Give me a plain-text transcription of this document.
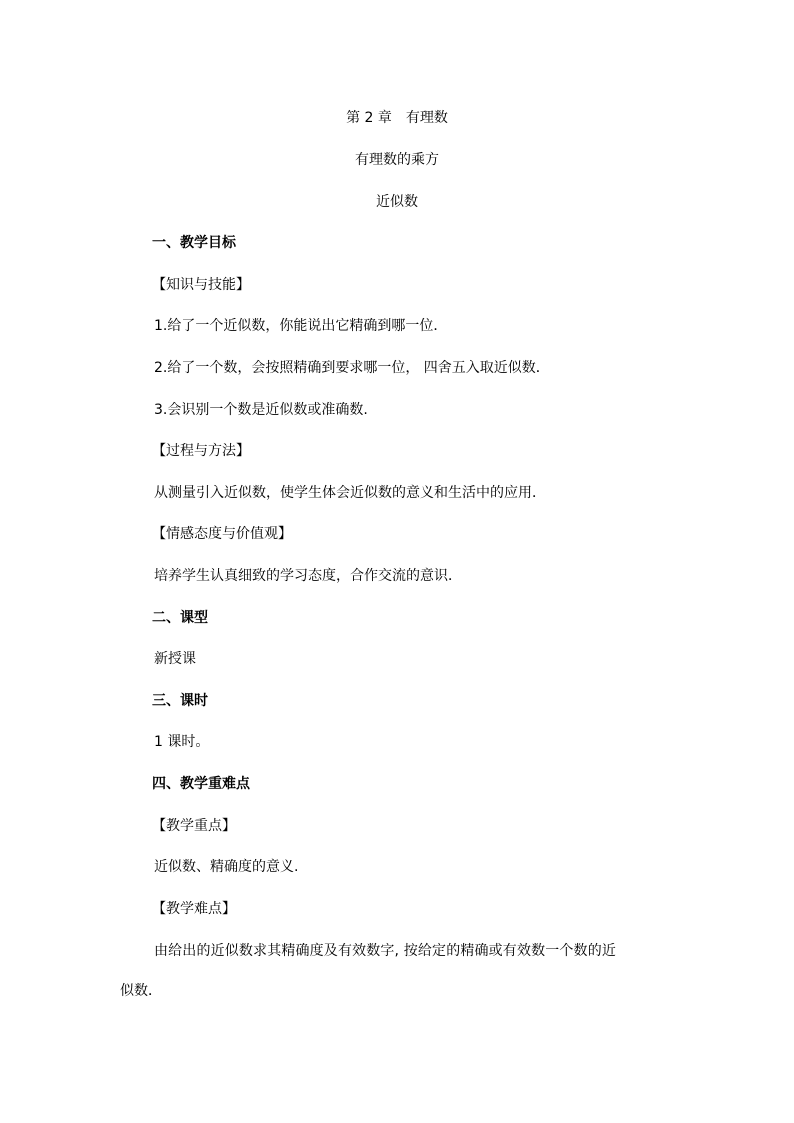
第 2 章　有理数
有理数的乘方
近似数
一、教学目标
【知识与技能】
1.给了一个近似数，你能说出它精确到哪一位．
2.给了一个数，会按照精确到要求哪一位， 四舍五入取近似数．
3.会识别一个数是近似数或准确数.
【过程与方法】
从测量引入近似数，使学生体会近似数的意义和生活中的应用．
【情感态度与价值观】
培养学生认真细致的学习态度，合作交流的意识．
二、课型
新授课
三、课时
1 课时。
四、教学重难点
【教学重点】
近似数、精确度的意义.
【教学难点】
由给出的近似数求其精确度及有效数字, 按给定的精确或有效数一个数的近
似数．
